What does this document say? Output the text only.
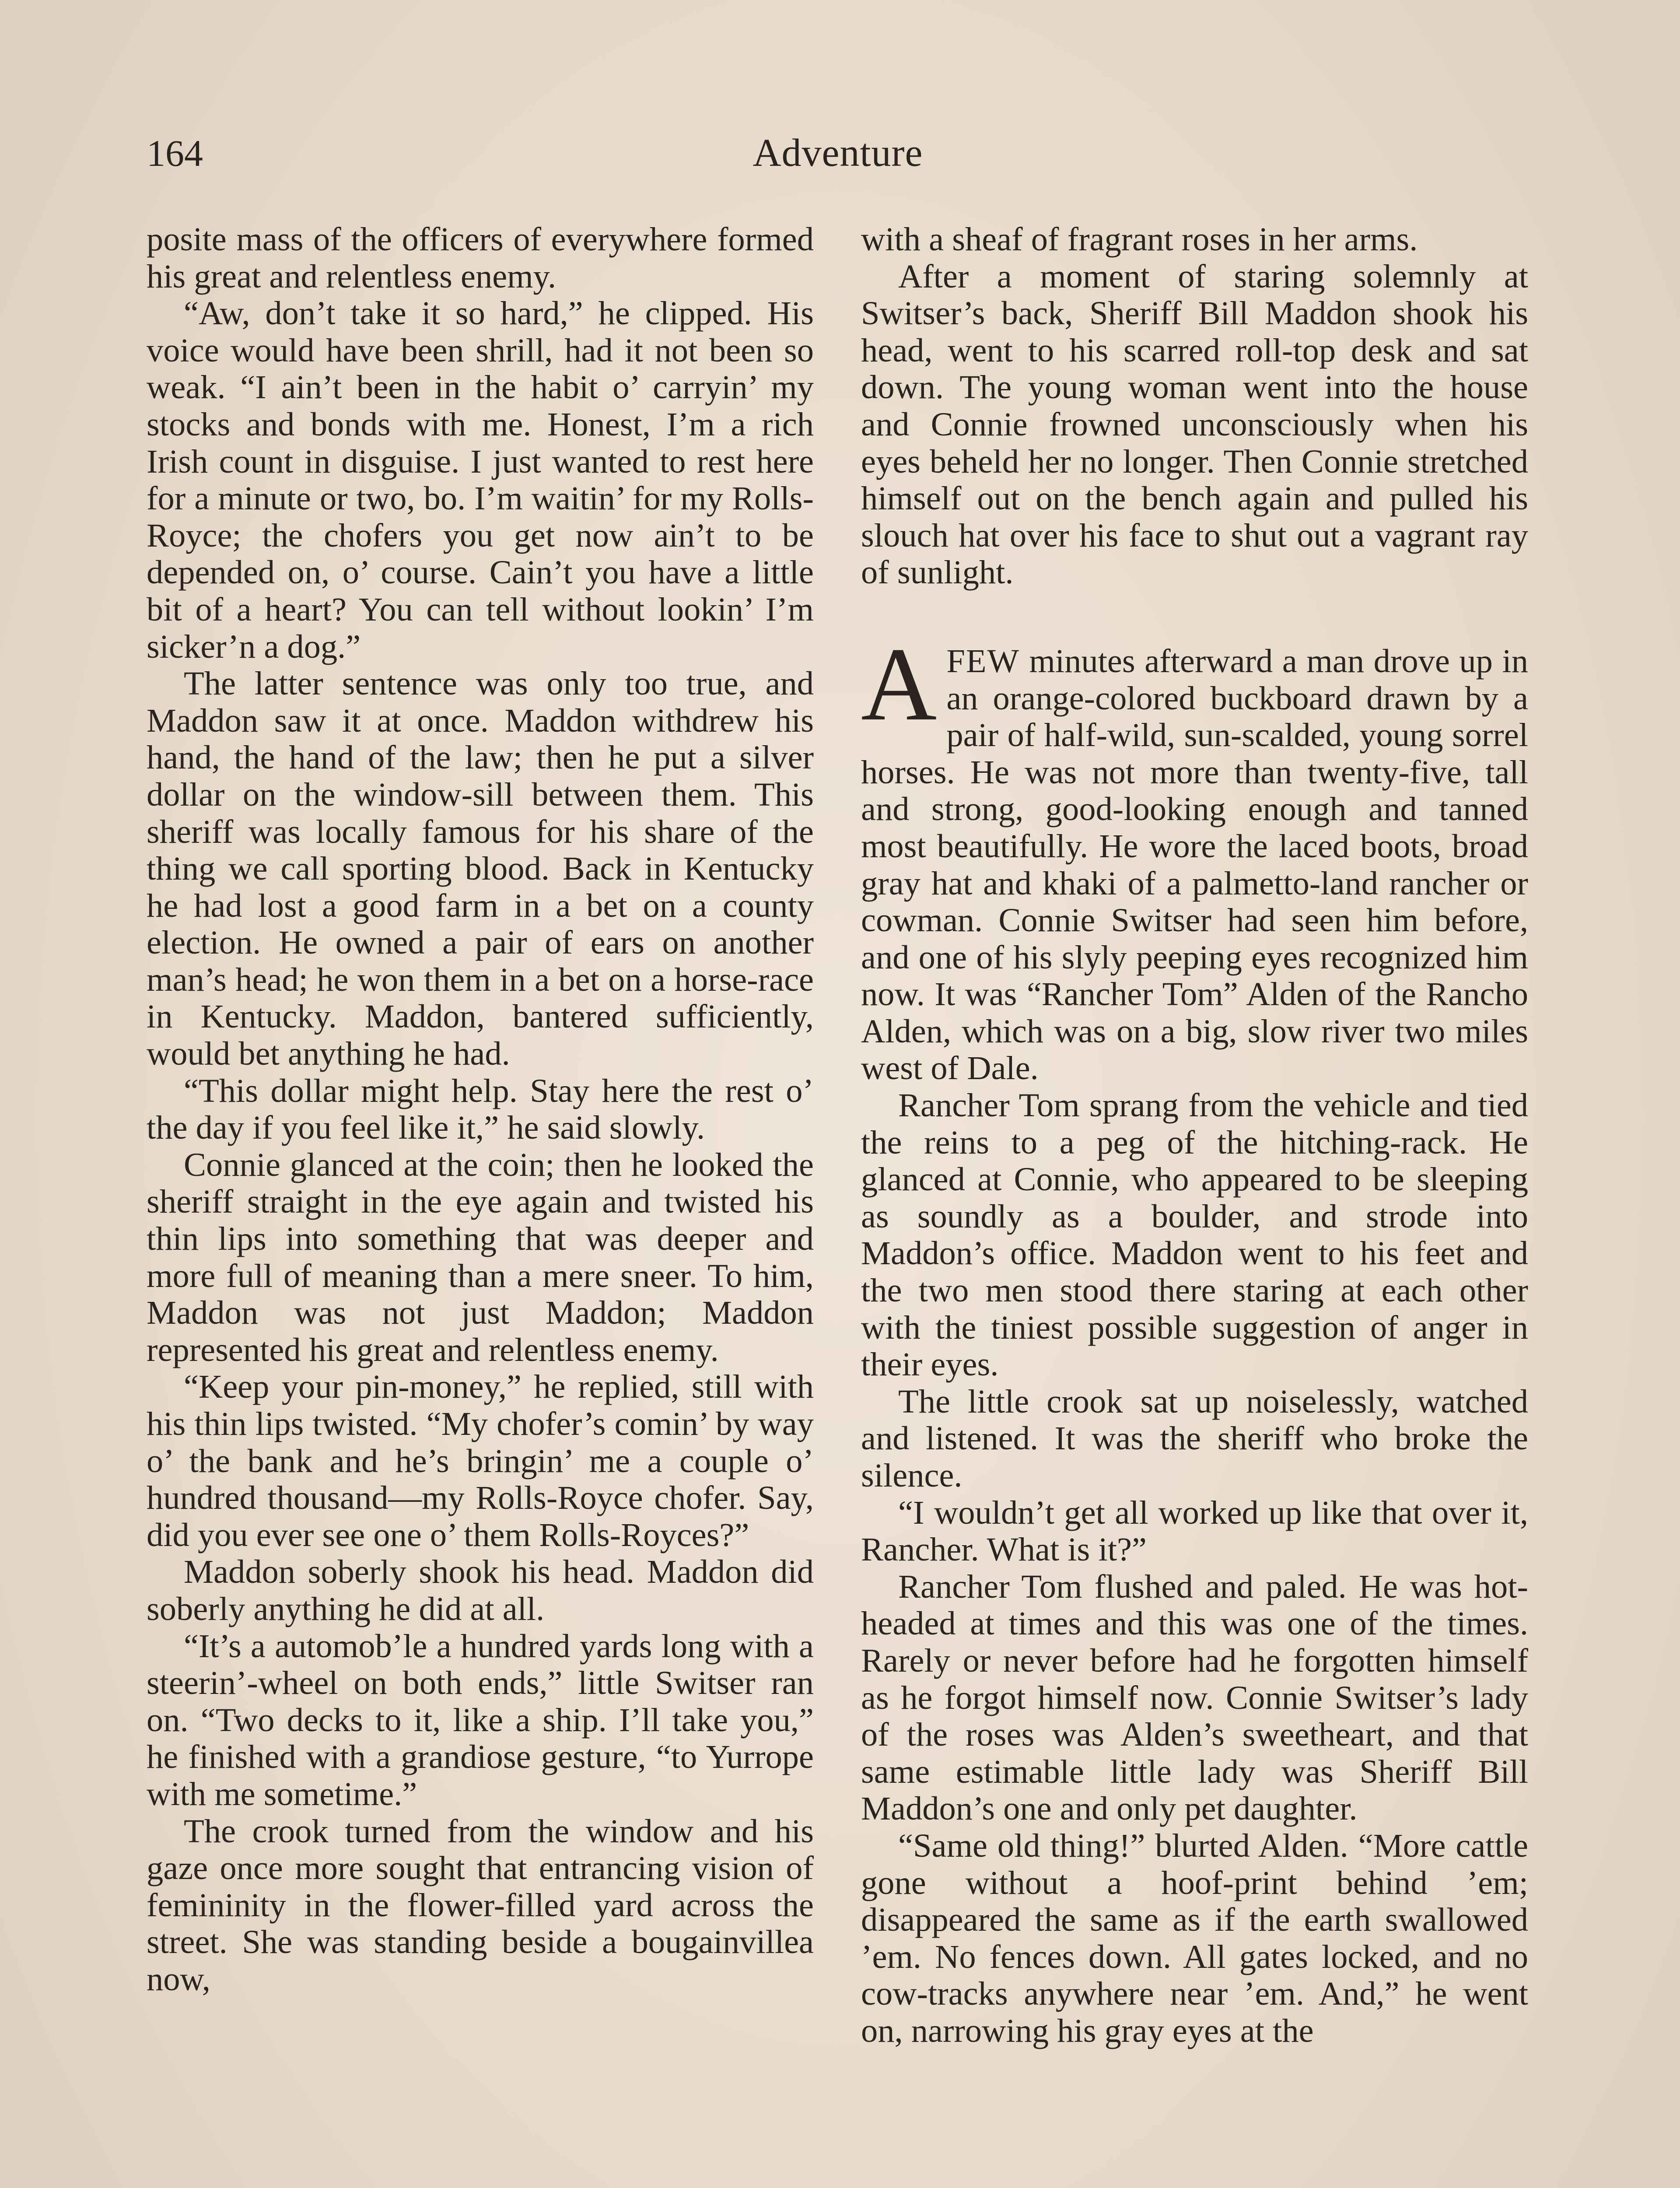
164	Adventure

posite mass of the officers of everywhere formed his great and relentless enemy.

“Aw, don’t take it so hard,” he clipped. His voice would have been shrill, had it not been so weak. “I ain’t been in the habit o’ carryin’ my stocks and bonds with me. Honest, I’m a rich Irish count in disguise. I just wanted to rest here for a minute or two, bo. I’m waitin’ for my Rolls-Royce; the chofers you get now ain’t to be depended on, o’ course. Cain’t you have a little bit of a heart? You can tell without lookin’ I’m sicker’n a dog.”

The latter sentence was only too true, and Maddon saw it at once. Maddon withdrew his hand, the hand of the law; then he put a silver dollar on the window-sill between them. This sheriff was locally famous for his share of the thing we call sporting blood. Back in Kentucky he had lost a good farm in a bet on a county election. He owned a pair of ears on another man’s head; he won them in a bet on a horse-race in Kentucky. Maddon, bantered sufficiently, would bet anything he had.

“This dollar might help. Stay here the rest o’ the day if you feel like it,” he said slowly.

Connie glanced at the coin; then he looked the sheriff straight in the eye again and twisted his thin lips into something that was deeper and more full of meaning than a mere sneer. To him, Maddon was not just Maddon; Maddon represented his great and relentless enemy.

“Keep your pin-money,” he replied, still with his thin lips twisted. “My chofer’s comin’ by way o’ the bank and he’s bringin’ me a couple o’ hundred thousand—my Rolls-Royce chofer. Say, did you ever see one o’ them Rolls-Royces?”

Maddon soberly shook his head. Maddon did soberly anything he did at all.

“It’s a automob’le a hundred yards long with a steerin’-wheel on both ends,” little Switser ran on. “Two decks to it, like a ship. I’ll take you,” he finished with a grandiose gesture, “to Yurrope with me sometime.”

The crook turned from the window and his gaze once more sought that entrancing vision of femininity in the flower-filled yard across the street. She was standing beside a bougainvillea now,

with a sheaf of fragrant roses in her arms.

After a moment of staring solemnly at Switser’s back, Sheriff Bill Maddon shook his head, went to his scarred roll-top desk and sat down. The young woman went into the house and Connie frowned unconsciously when his eyes beheld her no longer. Then Connie stretched himself out on the bench again and pulled his slouch hat over his face to shut out a vagrant ray of sunlight.

AFEW minutes afterward a man drove up in an orange-colored buckboard drawn by a pair of half-wild, sun-scalded, young sorrel horses. He was not more than twenty-five, tall and strong, good-looking enough and tanned most beautifully. He wore the laced boots, broad gray hat and khaki of a palmetto-land rancher or cowman. Connie Switser had seen him before, and one of his slyly peeping eyes recognized him now. It was “Rancher Tom” Alden of the Rancho Alden, which was on a big, slow river two miles west of Dale.

Rancher Tom sprang from the vehicle and tied the reins to a peg of the hitching-rack. He glanced at Connie, who appeared to be sleeping as soundly as a boulder, and strode into Maddon’s office. Maddon went to his feet and the two men stood there staring at each other with the tiniest possible suggestion of anger in their eyes.

The little crook sat up noiselessly, watched and listened. It was the sheriff who broke the silence.

“I wouldn’t get all worked up like that over it, Rancher. What is it?”

Rancher Tom flushed and paled. He was hot-headed at times and this was one of the times. Rarely or never before had he forgotten himself as he forgot himself now. Connie Switser’s lady of the roses was Alden’s sweetheart, and that same estimable little lady was Sheriff Bill Maddon’s one and only pet daughter.

“Same old thing!” blurted Alden. “More cattle gone without a hoof-print behind ’em; disappeared the same as if the earth swallowed ’em. No fences down. All gates locked, and no cow-tracks anywhere near ’em. And,” he went on, narrowing his gray eyes at the
